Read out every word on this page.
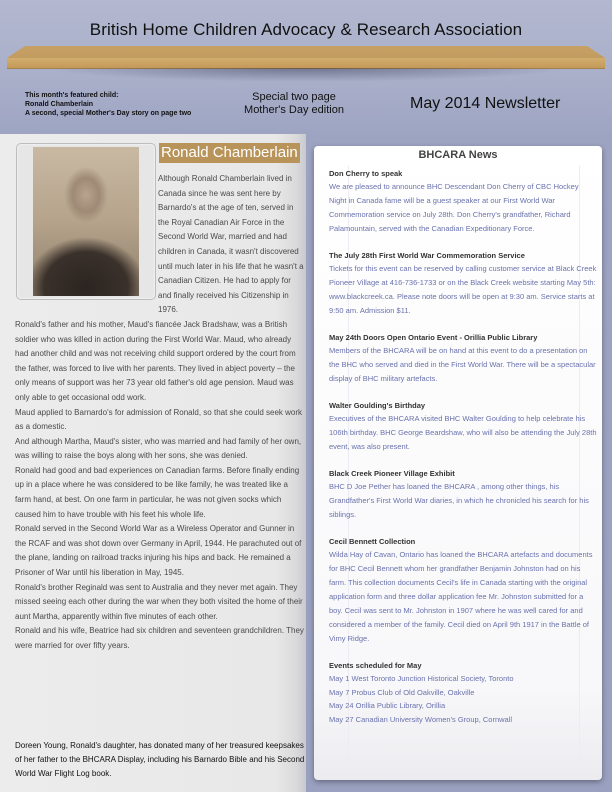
British Home Children Advocacy & Research Association
This month's featured child:
Ronald Chamberlain
A second, special Mother's Day story on page two
Special two page
Mother's Day edition	May 2014 Newsletter
Ronald Chamberlain

Although Ronald Chamberlain lived in Canada since he was sent here by Barnardo's at the age of ten, served in the Royal Canadian Air Force in the Second World War, married and had children in Canada, it wasn't discovered until much later in his life that he wasn't a Canadian Citizen. He had to apply for and finally received his Citizenship in 1976.

Ronald's father and his mother, Maud's fiancée Jack Bradshaw, was a British soldier who was killed in action during the First World War. Maud, who already had another child and was not receiving child support ordered by the court from the father, was forced to live with her parents. They lived in abject poverty – the only means of support was her 73 year old father's old age pension. Maud was only able to get occasional odd work.

Maud applied to Barnardo's for admission of Ronald, so that she could seek work as a domestic.

And although Martha, Maud's sister, who was married and had family of her own, was willing to raise the boys along with her sons, she was denied.

Ronald had good and bad experiences on Canadian farms. Before finally ending up in a place where he was considered to be like family, he was treated like a farm hand, at best. On one farm in particular, he was not given socks which caused him to have trouble with his feet his whole life.

Ronald served in the Second World War as a Wireless Operator and Gunner in the RCAF and was shot down over Germany in April, 1944. He parachuted out of the plane, landing on railroad tracks injuring his hips and back. He remained a Prisoner of War until his liberation in May, 1945.

Ronald's brother Reginald was sent to Australia and they never met again. They missed seeing each other during the war when they both visited the home of their aunt Martha, apparently within five minutes of each other.

Ronald and his wife, Beatrice had six children and seventeen grandchildren. They were married for over fifty years.

Doreen Young, Ronald's daughter, has donated many of her treasured keepsakes of her father to the BHCARA Display, including his Barnardo Bible and his Second World War Flight Log book.
BHCARA News
Don Cherry to speak
We are pleased to announce BHC Descendant Don Cherry of CBC Hockey Night in Canada fame will be a guest speaker at our First World War Commemoration service on July 28th. Don Cherry's grandfather, Richard Palamountain, served with the Canadian Expeditionary Force.
The July 28th First World War Commemoration Service
Tickets for this event can be reserved by calling customer service at Black Creek Pioneer Village at 416-736-1733 or on the Black Creek website starting May 5th: www.blackcreek.ca. Please note doors will be open at 9:30 am. Service starts at 9:50 am. Admission $11.
May 24th Doors Open Ontario Event - Orillia Public Library
Members of the BHCARA will be on hand at this event to do a presentation on the BHC who served and died in the First World War. There will be a spectacular display of BHC military artefacts.
Walter Goulding's Birthday
Executives of the BHCARA visited BHC Walter Goulding to help celebrate his 106th birthday. BHC George Beardshaw, who will also be attending the July 28th event, was also present.
Black Creek Pioneer Village Exhibit
BHC D Joe Pether has loaned the BHCARA , among other things, his Grandfather's First World War diaries, in which he chronicled his search for his siblings.
Cecil Bennett Collection
Wilda Hay of Cavan, Ontario has loaned the BHCARA artefacts and documents for BHC Cecil Bennett whom her grandfather Benjamin Johnston had on his farm. This collection documents Cecil's life in Canada starting with the original application form and three dollar application fee Mr. Johnston submitted for a boy. Cecil was sent to Mr. Johnston in 1907 where he was well cared for and considered a member of the family. Cecil died on April 9th 1917 in the Battle of Vimy Ridge.
Events scheduled for May
May 1 West Toronto Junction Historical Society, Toronto
May 7 Probus Club of Old Oakville, Oakville
May 24 Orillia Public Library, Orillia
May 27 Canadian University Women's Group, Cornwall
